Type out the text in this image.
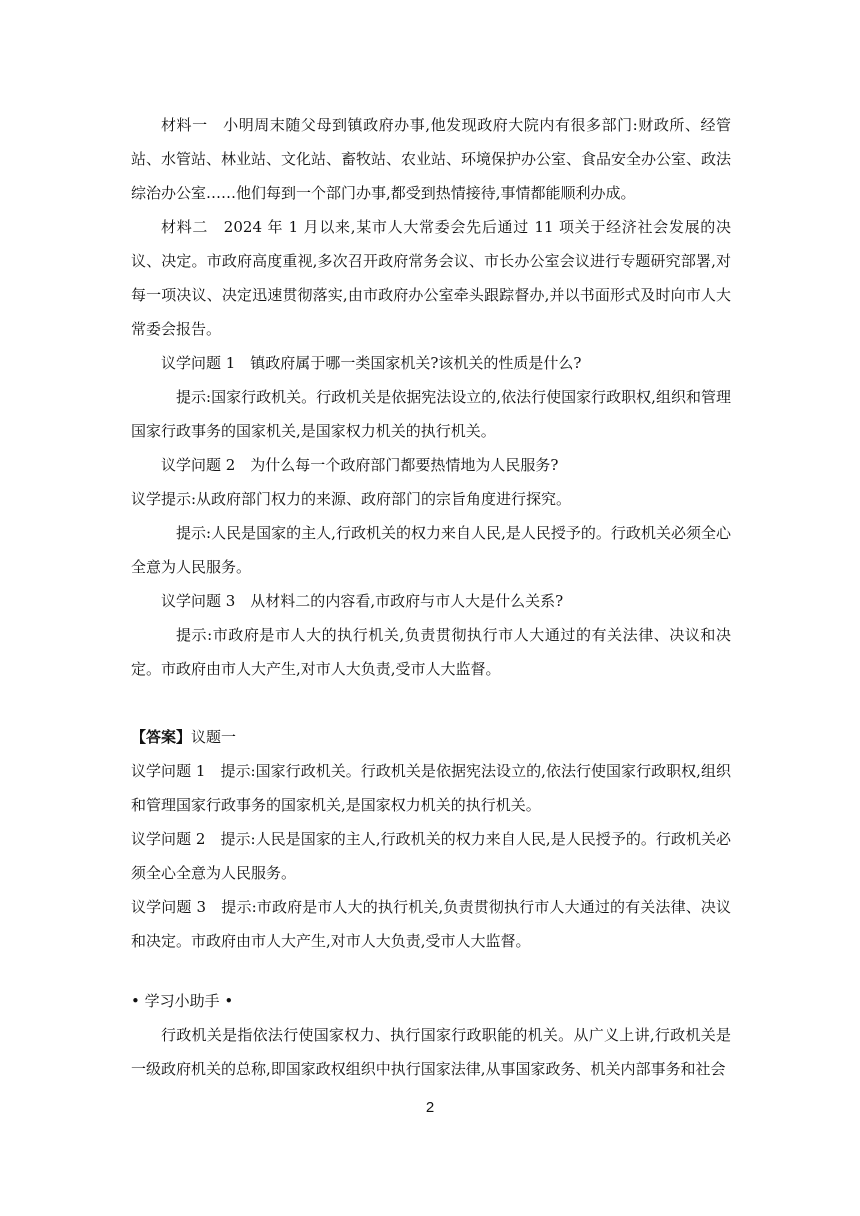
材料一　小明周末随父母到镇政府办事,他发现政府大院内有很多部门:财政所、经管站、水管站、林业站、文化站、畜牧站、农业站、环境保护办公室、食品安全办公室、政法综治办公室……他们每到一个部门办事,都受到热情接待,事情都能顺利办成。

材料二　2024 年 1 月以来,某市人大常委会先后通过 11 项关于经济社会发展的决议、决定。市政府高度重视,多次召开政府常务会议、市长办公室会议进行专题研究部署,对每一项决议、决定迅速贯彻落实,由市政府办公室牵头跟踪督办,并以书面形式及时向市人大常委会报告。

议学问题 1　镇政府属于哪一类国家机关?该机关的性质是什么?

提示:国家行政机关。行政机关是依据宪法设立的,依法行使国家行政职权,组织和管理国家行政事务的国家机关,是国家权力机关的执行机关。

议学问题 2　为什么每一个政府部门都要热情地为人民服务?

议学提示:从政府部门权力的来源、政府部门的宗旨角度进行探究。

提示:人民是国家的主人,行政机关的权力来自人民,是人民授予的。行政机关必须全心全意为人民服务。

议学问题 3　从材料二的内容看,市政府与市人大是什么关系?

提示:市政府是市人大的执行机关,负责贯彻执行市人大通过的有关法律、决议和决定。市政府由市人大产生,对市人大负责,受市人大监督。

【答案】议题一

议学问题 1　提示:国家行政机关。行政机关是依据宪法设立的,依法行使国家行政职权,组织和管理国家行政事务的国家机关,是国家权力机关的执行机关。

议学问题 2　提示:人民是国家的主人,行政机关的权力来自人民,是人民授予的。行政机关必须全心全意为人民服务。

议学问题 3　提示:市政府是市人大的执行机关,负责贯彻执行市人大通过的有关法律、决议和决定。市政府由市人大产生,对市人大负责,受市人大监督。

• 学习小助手 •

行政机关是指依法行使国家权力、执行国家行政职能的机关。从广义上讲,行政机关是一级政府机关的总称,即国家政权组织中执行国家法律,从事国家政务、机关内部事务和社会

2
